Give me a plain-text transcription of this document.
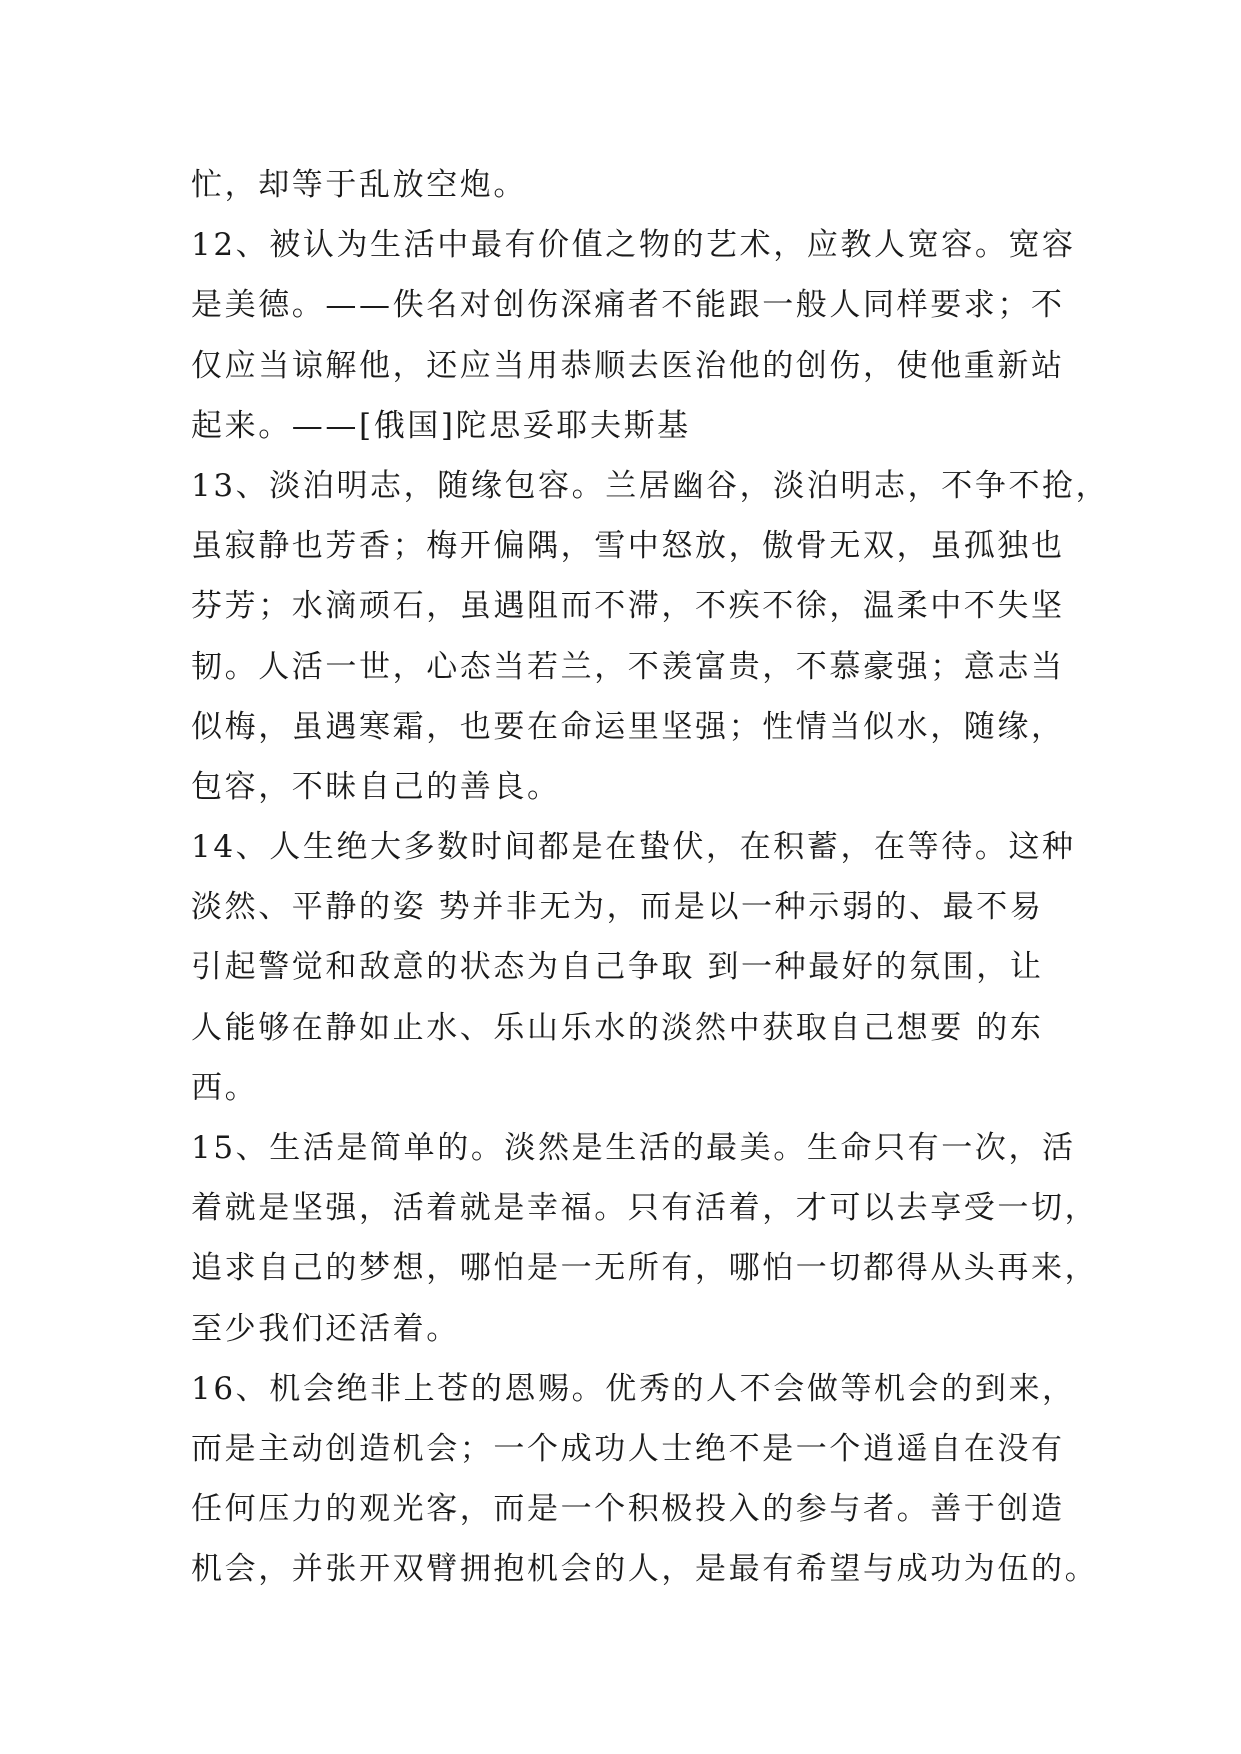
忙，却等于乱放空炮。
12、被认为生活中最有价值之物的艺术，应教人宽容。宽容
是美德。——佚名对创伤深痛者不能跟一般人同样要求；不
仅应当谅解他，还应当用恭顺去医治他的创伤，使他重新站
起来。——[俄国]陀思妥耶夫斯基
13、淡泊明志，随缘包容。兰居幽谷，淡泊明志，不争不抢，
虽寂静也芳香；梅开偏隅，雪中怒放，傲骨无双，虽孤独也
芬芳；水滴顽石，虽遇阻而不滞，不疾不徐，温柔中不失坚
韧。人活一世，心态当若兰，不羡富贵，不慕豪强；意志当
似梅，虽遇寒霜，也要在命运里坚强；性情当似水，随缘，
包容，不昧自己的善良。
14、人生绝大多数时间都是在蛰伏，在积蓄，在等待。这种
淡然、平静的姿 势并非无为，而是以一种示弱的、最不易
引起警觉和敌意的状态为自己争取 到一种最好的氛围，让
人能够在静如止水、乐山乐水的淡然中获取自己想要 的东
西。
15、生活是简单的。淡然是生活的最美。生命只有一次，活
着就是坚强，活着就是幸福。只有活着，才可以去享受一切，
追求自己的梦想，哪怕是一无所有，哪怕一切都得从头再来，
至少我们还活着。
16、机会绝非上苍的恩赐。优秀的人不会做等机会的到来，
而是主动创造机会；一个成功人士绝不是一个逍遥自在没有
任何压力的观光客，而是一个积极投入的参与者。善于创造
机会，并张开双臂拥抱机会的人，是最有希望与成功为伍的。
